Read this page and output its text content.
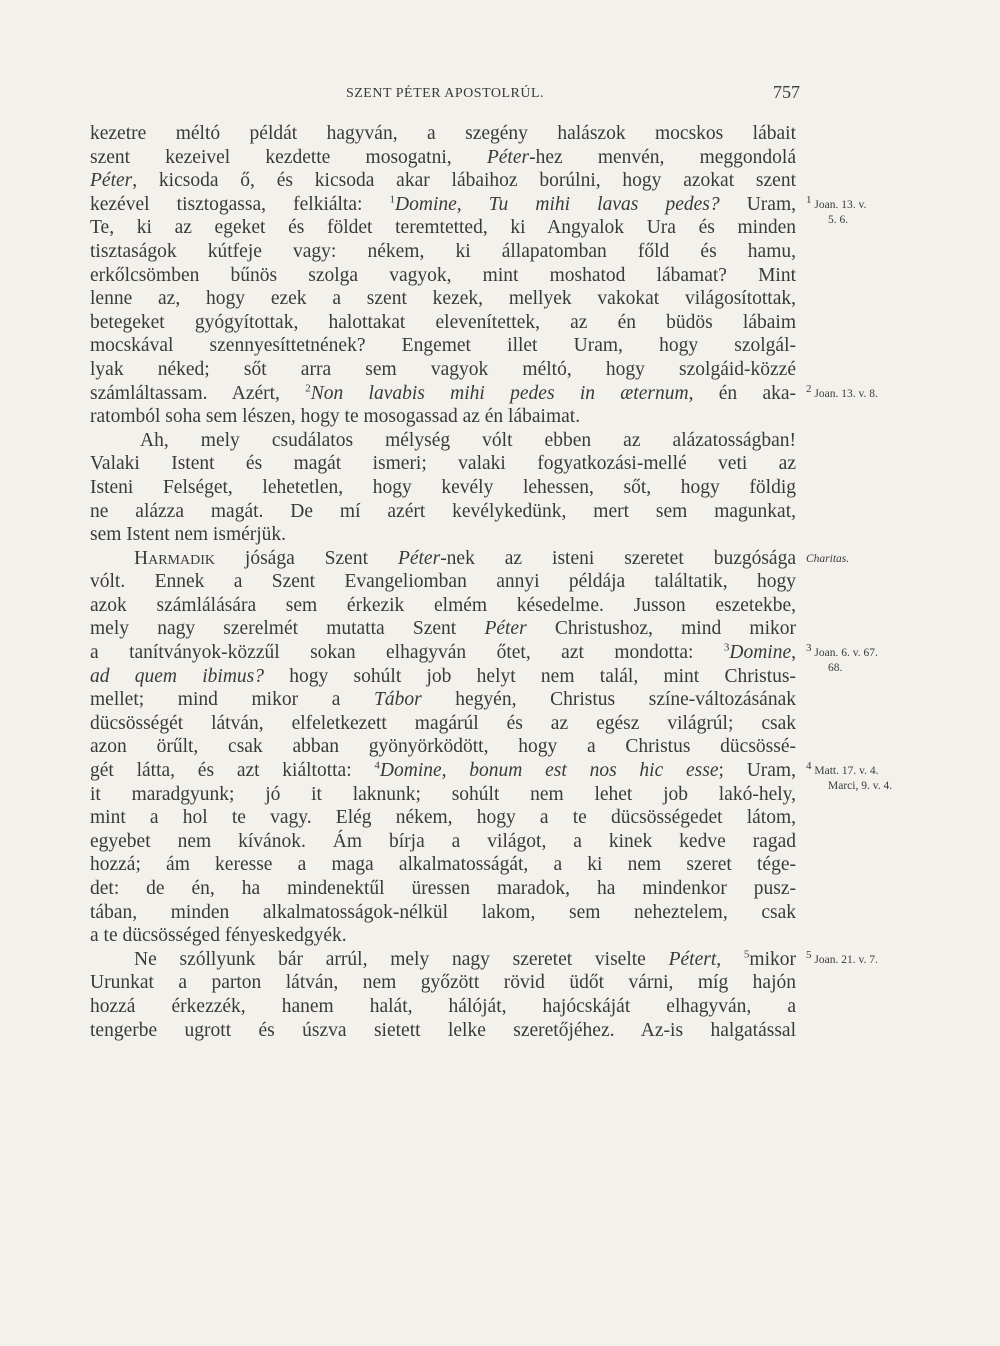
SZENT PÉTER APOSTOLRÚL.	757
kezetre méltó példát hagyván, a szegény halászok mocskos lábait
szent kezeivel kezdette mosogatni, Péter-hez menvén, meggondolá
Péter, kicsoda ő, és kicsoda akar lábaihoz borúlni, hogy azokat szent
kezével tisztogassa, felkiálta: $^1$Domine, Tu mihi lavas pedes? Uram,
Te, ki az egeket és földet teremtetted, ki Angyalok Ura és minden
tisztaságok kútfeje vagy: nékem, ki állapatomban főld és hamu,
erkőlcsömben bűnös szolga vagyok, mint moshatod lábamat? Mint
lenne az, hogy ezek a szent kezek, mellyek vakokat világosítottak,
betegeket gyógyítottak, halottakat elevenítettek, az én büdös lábaim
mocskával szennyesíttetnének? Engemet illet Uram, hogy szolgál-
lyak néked; sőt arra sem vagyok méltó, hogy szolgáid-közzé
számláltassam. Azért, $^2$Non lavabis mihi pedes in æternum, én aka-
ratomból soha sem lészen, hogy te mosogassad az én lábaimat.
Ah, mely csudálatos mélység vólt ebben az alázatosságban!
Valaki Istent és magát ismeri; valaki fogyatkozási-mellé veti az
Isteni Felséget, lehetetlen, hogy kevély lehessen, sőt, hogy földig
ne alázza magát. De mí azért kevélykedünk, mert sem magunkat,
sem Istent nem ismérjük.
Harmadik jósága Szent Péter-nek az isteni szeretet buzgósága
vólt. Ennek a Szent Evangeliomban annyi példája találtatik, hogy
azok számlálására sem érkezik elmém késedelme. Jusson eszetekbe,
mely nagy szerelmét mutatta Szent Péter Christushoz, mind mikor
a tanítványok-közzűl sokan elhagyván őtet, azt mondotta: $^3$Domine,
ad quem ibimus? hogy sohúlt job helyt nem talál, mint Christus-
mellet; mind mikor a Tábor hegyén, Christus színe-változásának
dücsösségét látván, elfeletkezett magárúl és az egész világrúl; csak
azon örűlt, csak abban gyönyörködött, hogy a Christus dücsössé-
gét látta, és azt kiáltotta: $^4$Domine, bonum est nos hic esse; Uram,
it maradgyunk; jó it laknunk; sohúlt nem lehet job lakó-hely,
mint a hol te vagy. Elég nékem, hogy a te dücsösségedet látom,
egyebet nem kívánok. Ám bírja a világot, a kinek kedve ragad
hozzá; ám keresse a maga alkalmatosságát, a ki nem szeret tége-
det: de én, ha mindenektűl üressen maradok, ha mindenkor pusz-
tában, minden alkalmatosságok-nélkül lakom, sem neheztelem, csak
a te dücsösséged fényeskedgyék.
Ne szóllyunk bár arrúl, mely nagy szeretet viselte Pétert, $^5$mikor
Urunkat a parton látván, nem győzött rövid üdőt várni, míg hajón
hozzá érkezzék, hanem halát, hálóját, hajócskáját elhagyván, a
tengerbe ugrott és úszva sietett lelke szeretőjéhez. Az-is halgatással
$^1$ Joan. 13. v.
5. 6.
$^2$ Joan. 13. v. 8.
Charitas.
$^3$ Joan. 6. v. 67.
68.
$^4$ Matt. 17. v. 4.
Marci, 9. v. 4.
$^5$ Joan. 21. v. 7.
